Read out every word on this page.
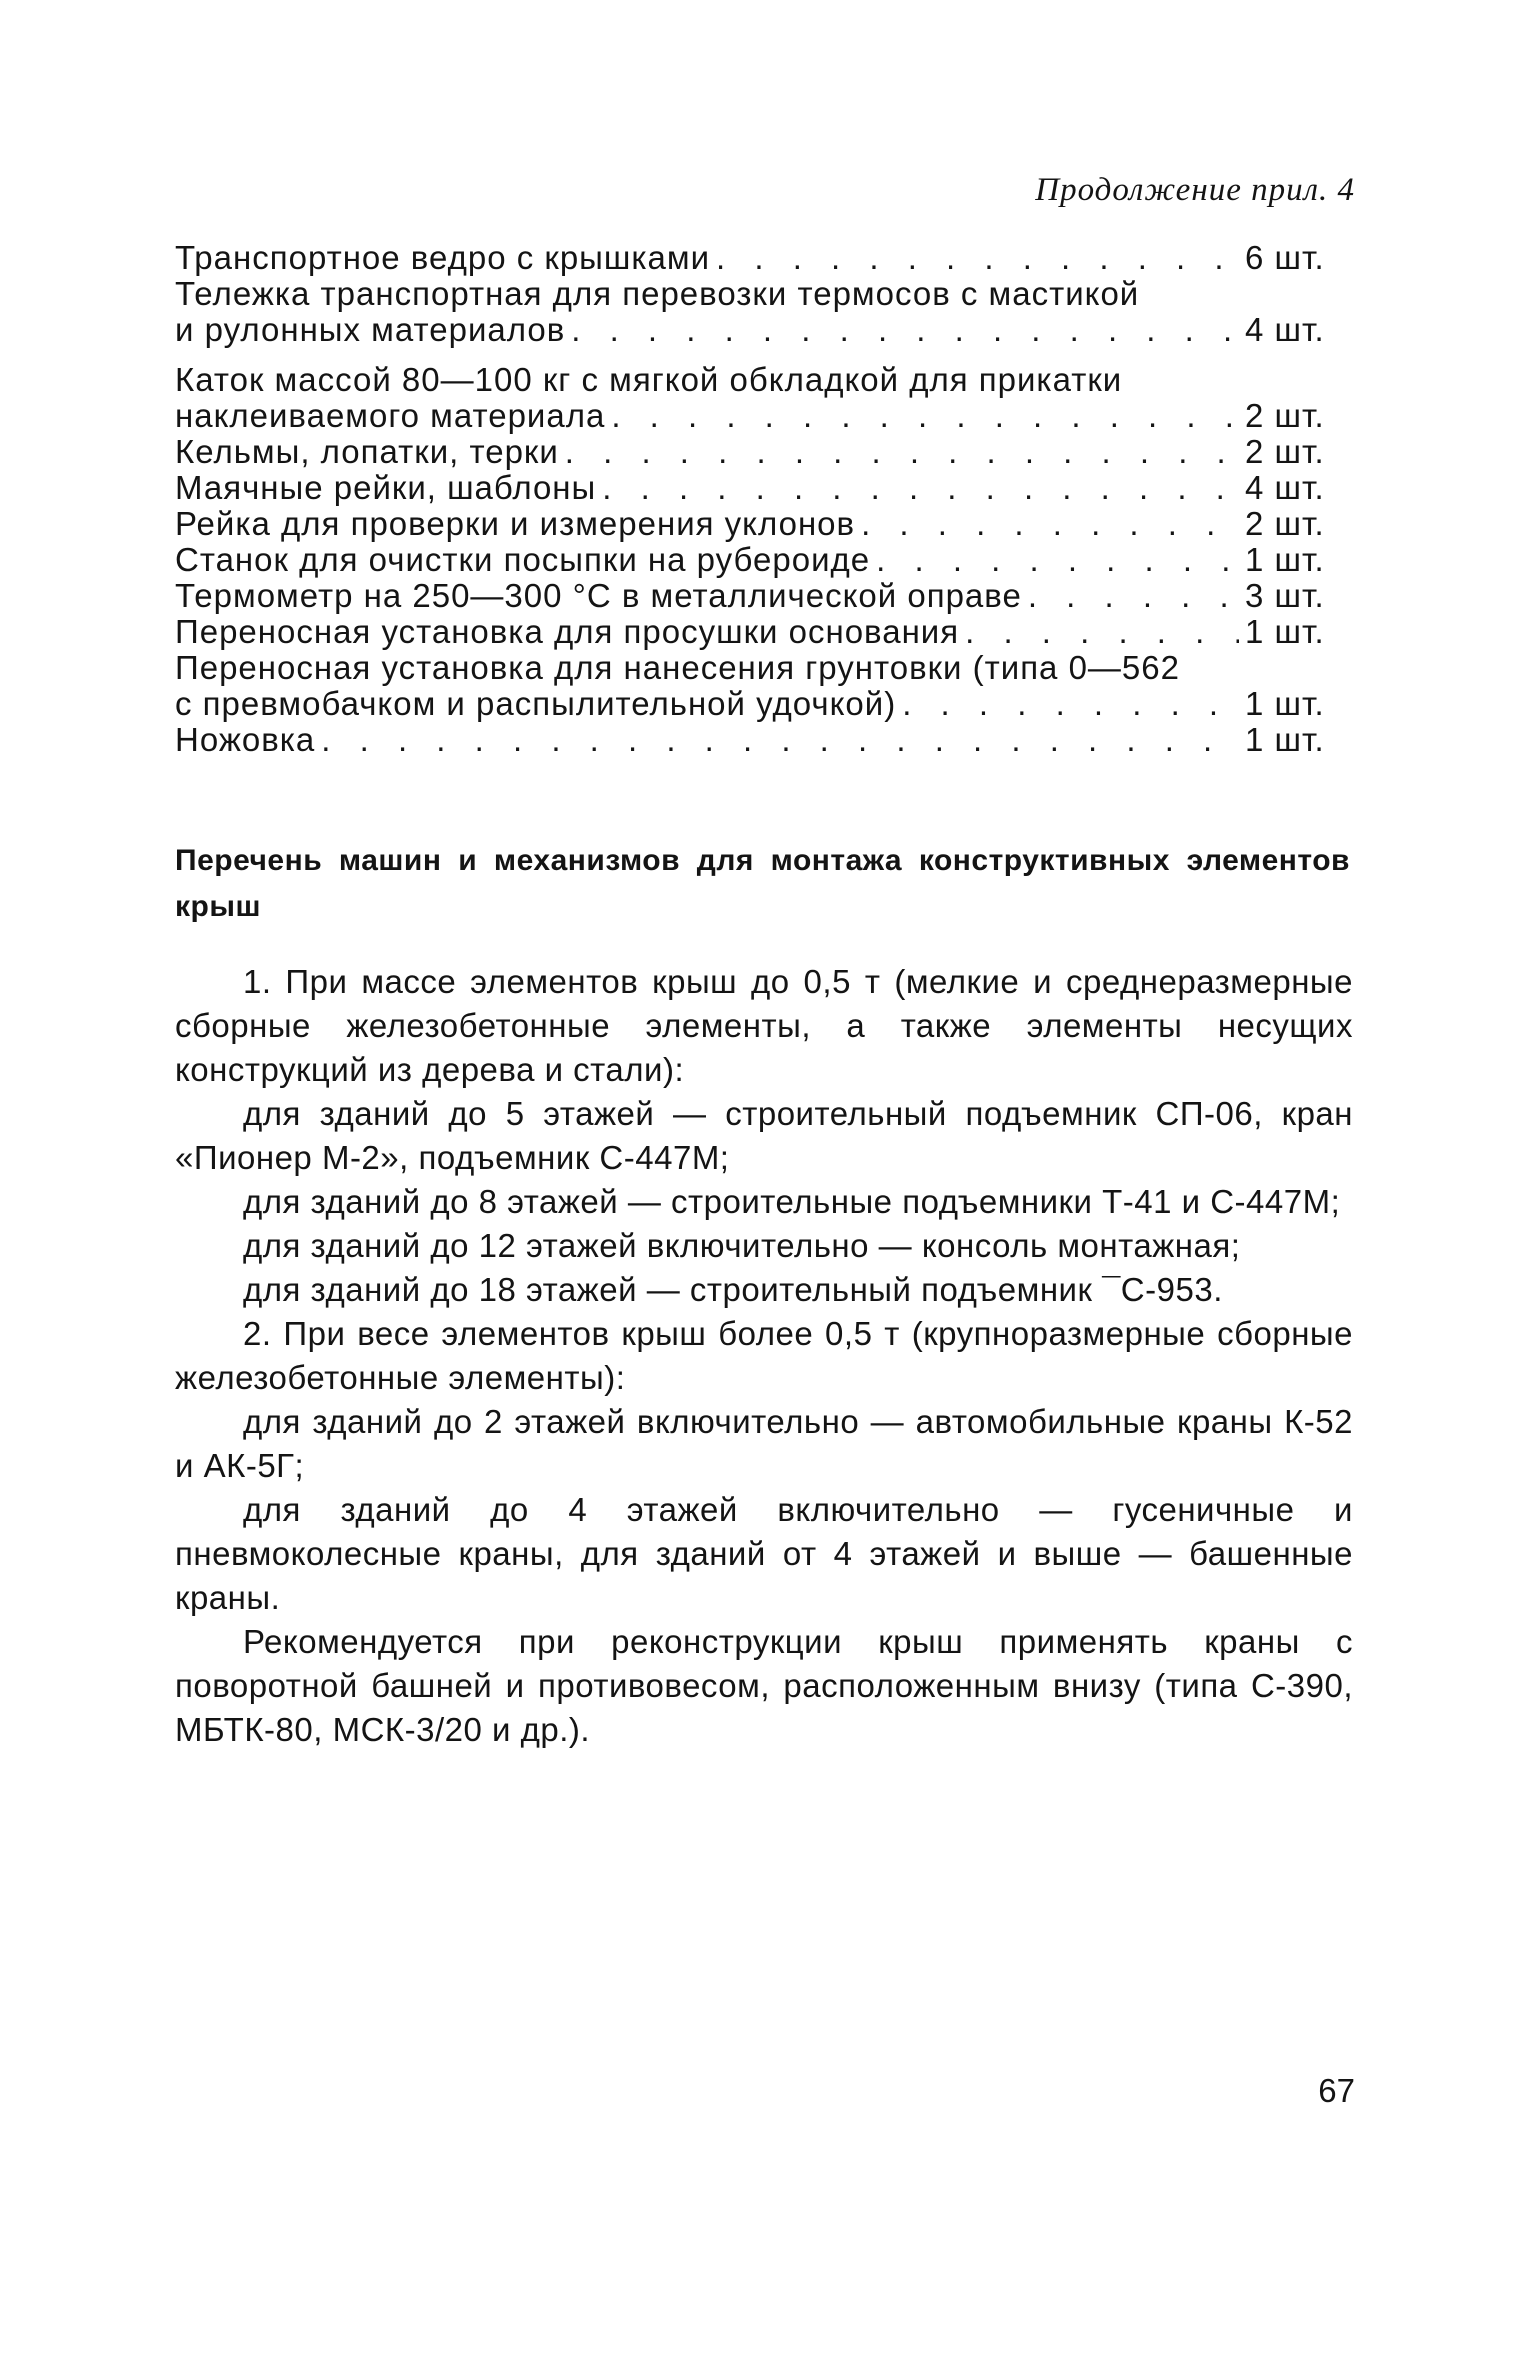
Продолжение прил. 4
Транспортное ведро с крышками . . .	6 шт.
Тележка транспортная для перевозки термосов с мастикой
и рулонных материалов . . .	4 шт.
Каток массой 80—100 кг с мягкой обкладкой для прикатки
наклеиваемого материала . . .	2 шт.
Кельмы, лопатки, терки . . .	2 шт.
Маячные рейки, шаблоны . . .	4 шт.
Рейка для проверки и измерения уклонов . . .	2 шт.
Станок для очистки посыпки на рубероиде . . .	1 шт.
Термометр на 250—300 °С в металлической оправе . . .	3 шт.
Переносная установка для просушки основания . . .	1 шт.
Переносная установка для нанесения грунтовки (типа 0—562
с превмобачком и распылительной удочкой) . . .	1 шт.
Ножовка . . .	1 шт.
Перечень машин и механизмов для монтажа конструктивных элементов крыш

1. При массе элементов крыш до 0,5 т (мелкие и среднеразмерные сборные железобетонные элементы, а также элементы несущих конструкций из дерева и стали):

для зданий до 5 этажей — строительный подъемник СП-06, кран «Пионер М-2», подъемник С-447М;

для зданий до 8 этажей — строительные подъемники Т-41 и С-447М;

для зданий до 12 этажей включительно — консоль монтажная;

для зданий до 18 этажей — строительный подъемник ¯С-953.

2. При весе элементов крыш более 0,5 т (крупноразмерные сборные железобетонные элементы):

для зданий до 2 этажей включительно — автомобильные краны К-52 и АК-5Г;

для зданий до 4 этажей включительно — гусеничные и пневмоколесные краны, для зданий от 4 этажей и выше — башенные краны.

Рекомендуется при реконструкции крыш применять краны с поворотной башней и противовесом, расположенным внизу (типа С-390, МБТК-80, МСК-3/20 и др.).

67
